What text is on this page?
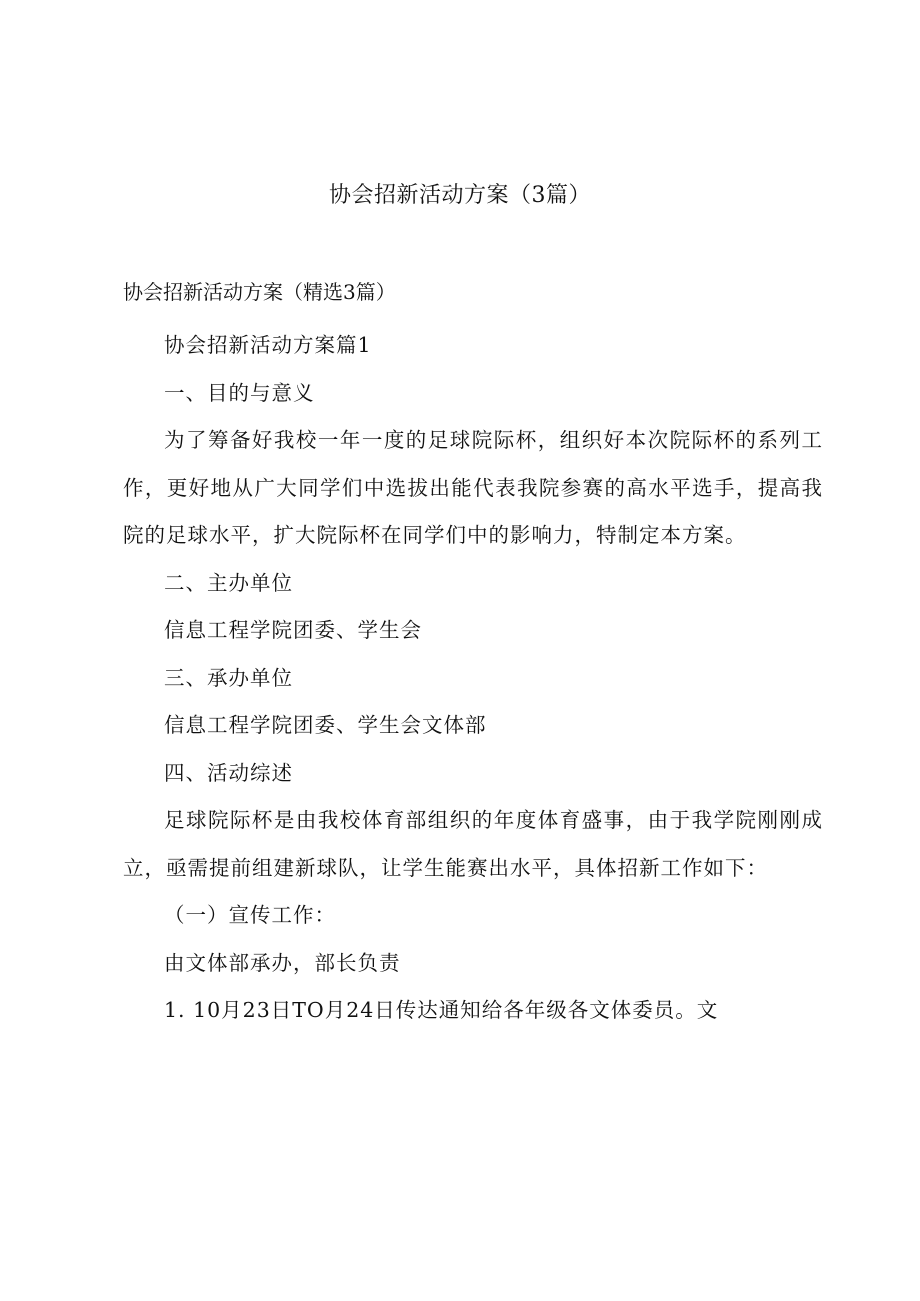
协会招新活动方案（3篇）
协会招新活动方案（精选3篇）

协会招新活动方案篇1

一、目的与意义

为了筹备好我校一年一度的足球院际杯，组织好本次院际杯的系列工作，更好地从广大同学们中选拔出能代表我院参赛的高水平选手，提高我院的足球水平，扩大院际杯在同学们中的影响力，特制定本方案。

二、主办单位

信息工程学院团委、学生会

三、承办单位

信息工程学院团委、学生会文体部

四、活动综述

足球院际杯是由我校体育部组织的年度体育盛事，由于我学院刚刚成立，亟需提前组建新球队，让学生能赛出水平，具体招新工作如下：

（一）宣传工作：

由文体部承办，部长负责

1. 10月23日TO月24日传达通知给各年级各文体委员。文
